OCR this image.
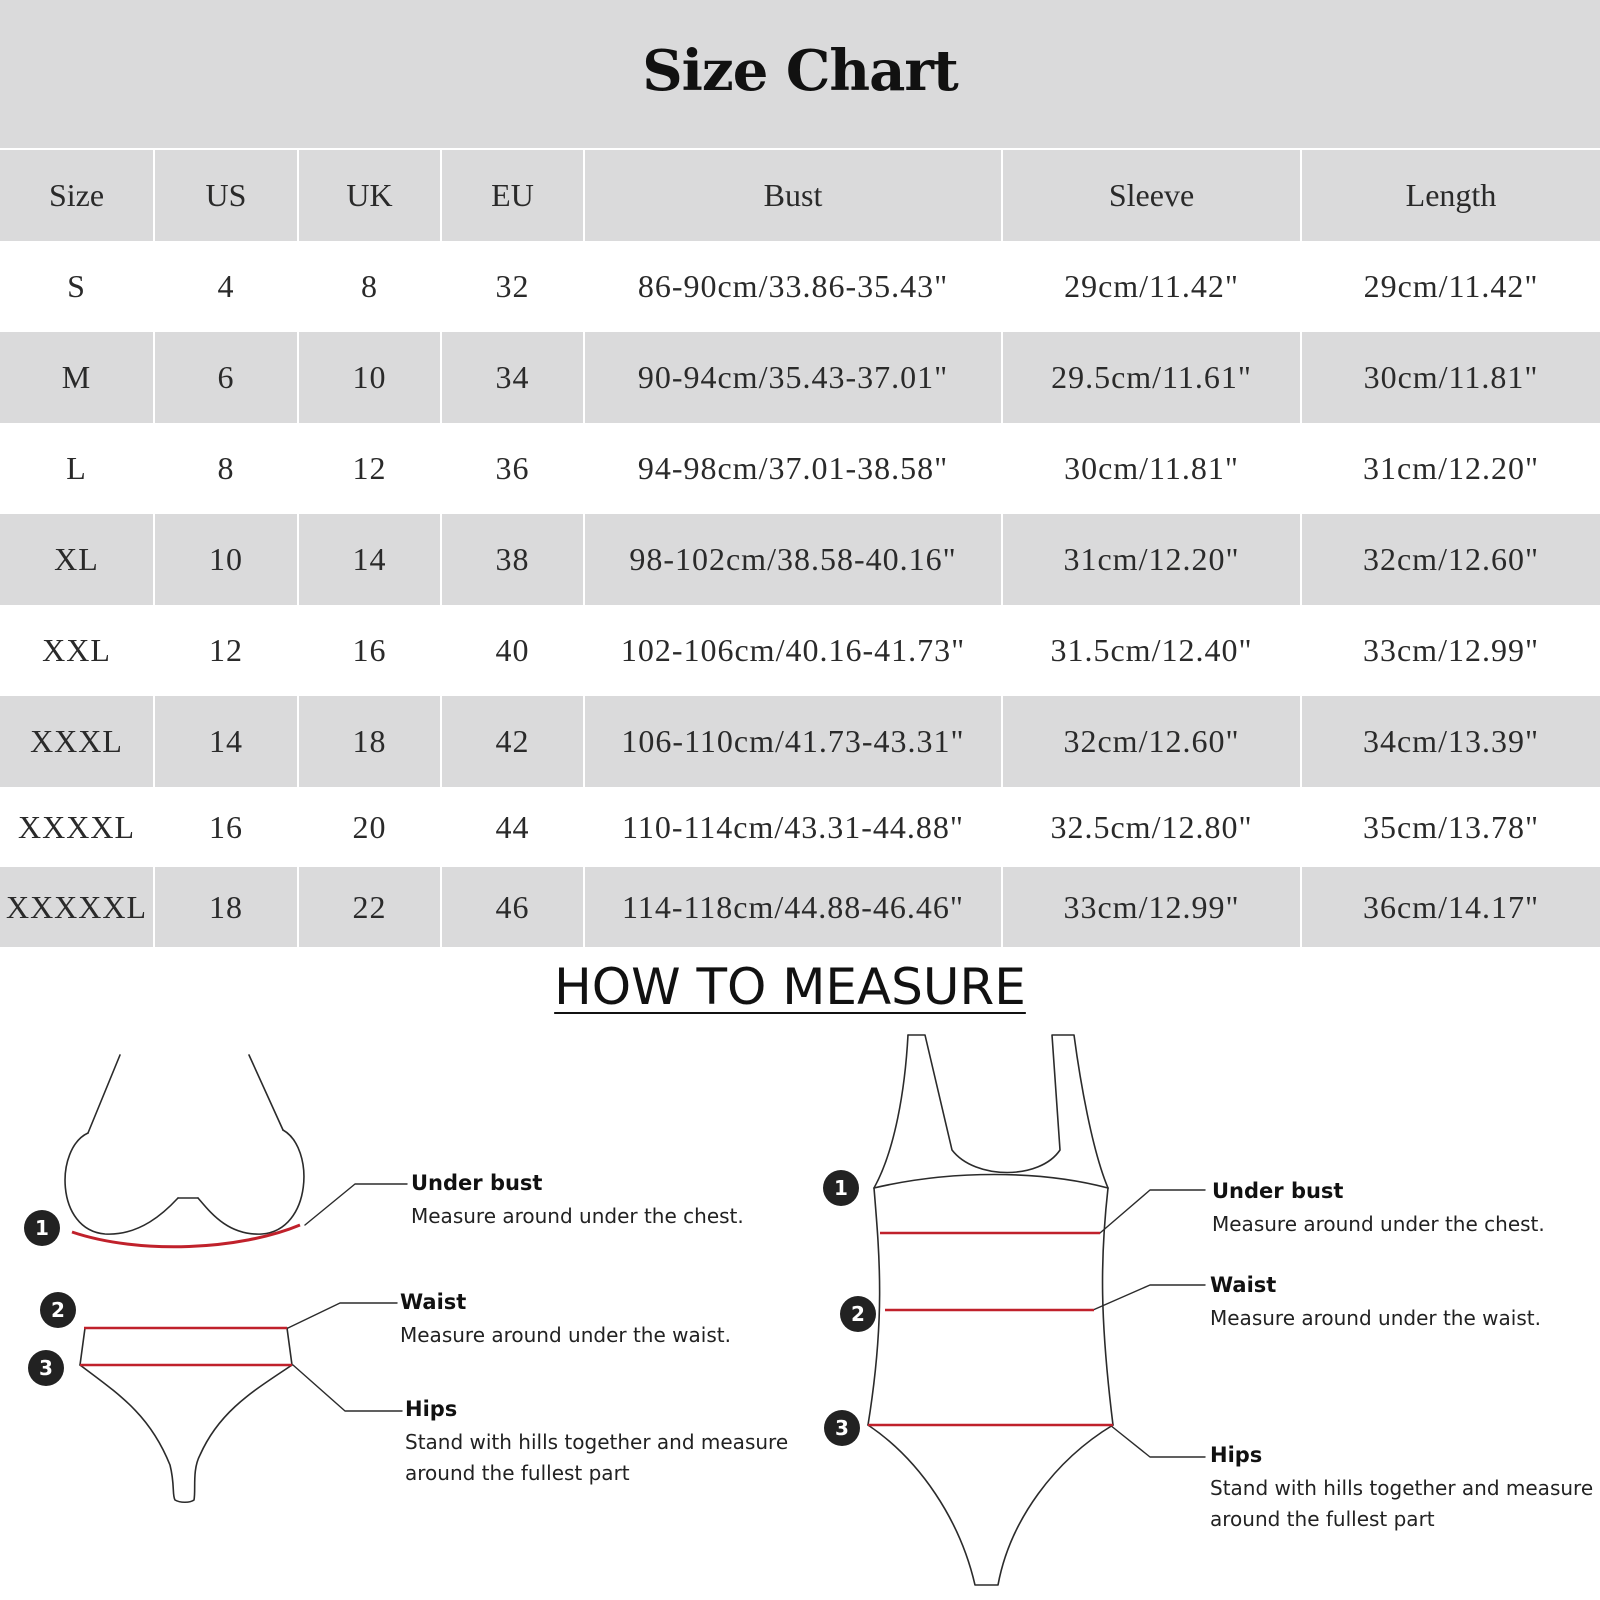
Size Chart
Size	US	UK	EU	Bust	Sleeve	Length
S	4	8	32	86-90cm/33.86-35.43"	29cm/11.42"	29cm/11.42"
M	6	10	34	90-94cm/35.43-37.01"	29.5cm/11.61"	30cm/11.81"
L	8	12	36	94-98cm/37.01-38.58"	30cm/11.81"	31cm/12.20"
XL	10	14	38	98-102cm/38.58-40.16"	31cm/12.20"	32cm/12.60"
XXL	12	16	40	102-106cm/40.16-41.73"	31.5cm/12.40"	33cm/12.99"
XXXL	14	18	42	106-110cm/41.73-43.31"	32cm/12.60"	34cm/13.39"
XXXXL	16	20	44	110-114cm/43.31-44.88"	32.5cm/12.80"	35cm/13.78"
XXXXXL	18	22	46	114-118cm/44.88-46.46"	33cm/12.99"	36cm/14.17"
HOW TO MEASURE
1
Under bust
Measure around under the chest.
2	Waist
Measure around under the waist.
3
Hips
Stand with hills together and measure
around the fullest part
1	Under bust
Measure around under the chest.
2
Waist
Measure around under the waist.
3
Hips
Stand with hills together and measure
around the fullest part
